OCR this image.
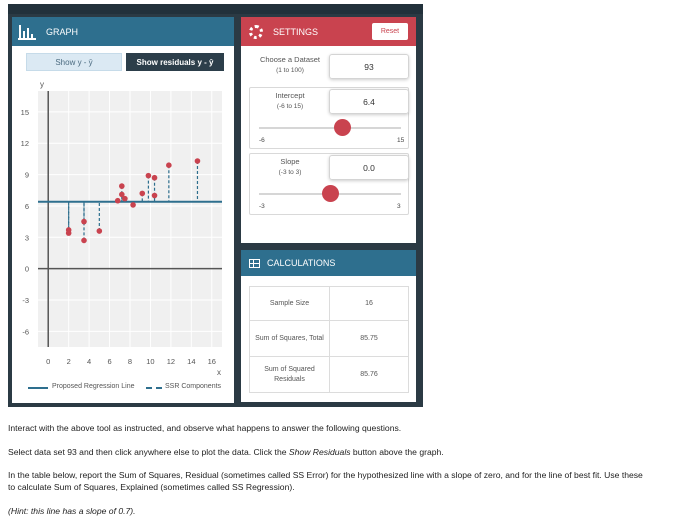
GRAPH
Show y - ȳ	Show residuals y - ŷ
15
12
9
6
3
0
-3
-6
0 2 4 6 8 10 12 14 16
y
x
Proposed Regression Line	SSR Components
SETTINGS	Reset
Choose a Dataset
(1 to 100)	93
Intercept
(-6 to 15)	6.4
-6	15
Slope
(-3 to 3)	0.0
-3	3
CALCULATIONS
Sample Size	16
Sum of Squares, Total	85.75
Sum of Squared Residuals	85.76
Interact with the above tool as instructed, and observe what happens to answer the following questions.
Select data set 93 and then click anywhere else to plot the data. Click the Show Residuals button above the graph.
In the table below, report the Sum of Squares, Residual (sometimes called SS Error) for the hypothesized line with a slope of zero, and for the line of best fit. Use these to calculate Sum of Squares, Explained (sometimes called SS Regression).
(Hint: this line has a slope of 0.7).
